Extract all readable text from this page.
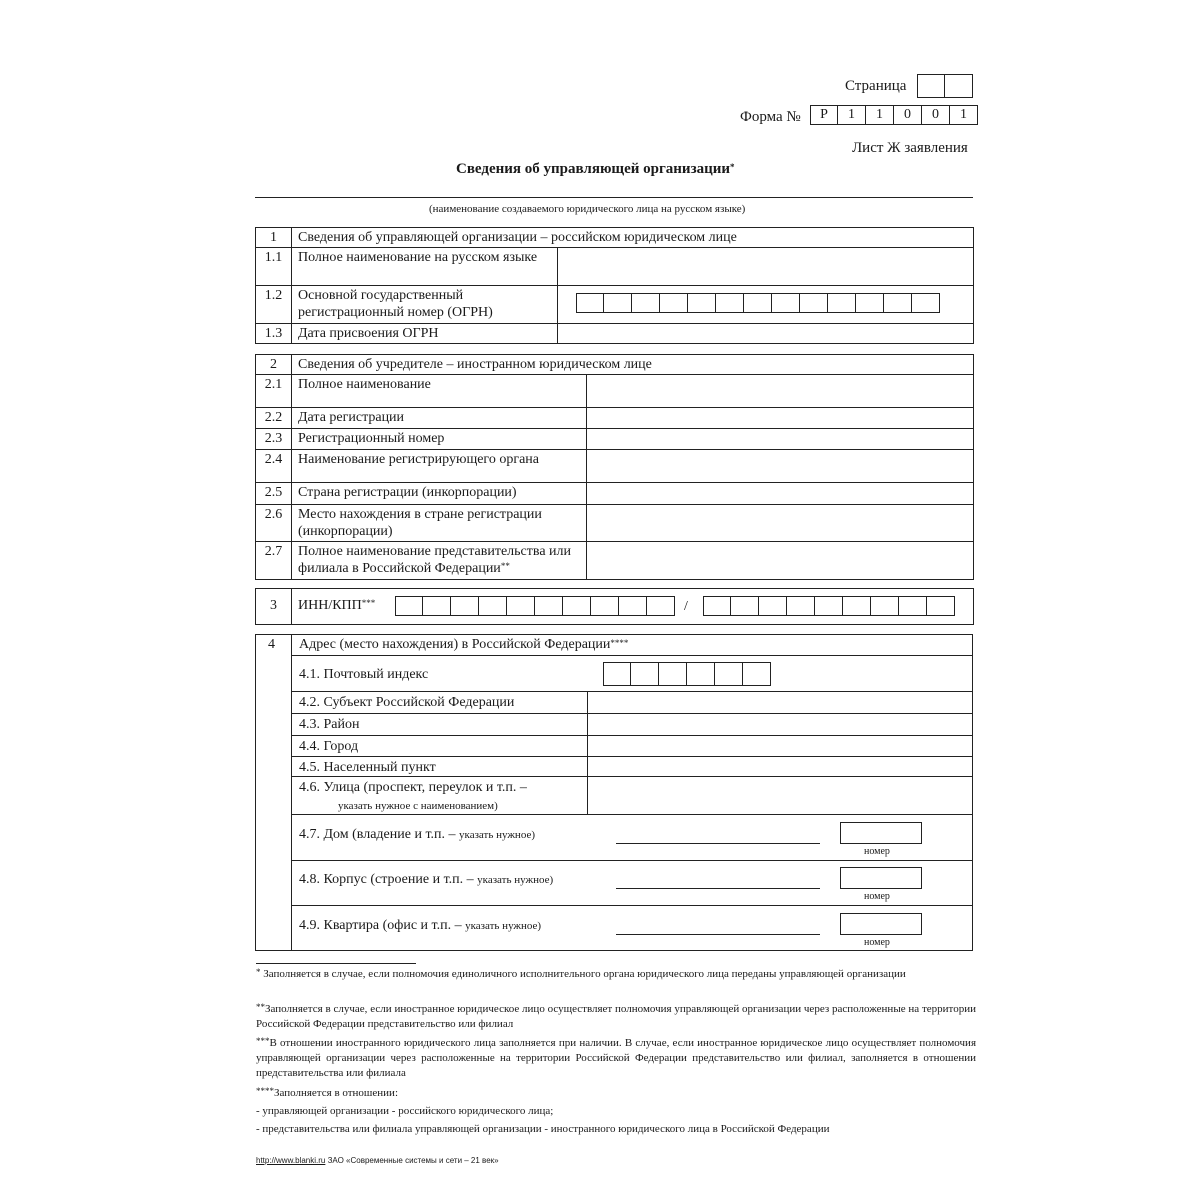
Страница
Форма №	Р	1	1	0	0	1
Лист Ж заявления
Сведения об управляющей организации*
(наименование создаваемого юридического лица на русском языке)
1	Сведения об управляющей организации – российском юридическом лице	
1.1	Полное наименование на русском языке	
1.2	Основной государственный регистрационный номер (ОГРН)	

1.3	Дата присвоения ОГРН	
2	Сведения об учредителе – иностранном юридическом лице	
2.1	Полное наименование	
2.2	Дата регистрации	
2.3	Регистрационный номер	
2.4	Наименование регистрирующего органа	
2.5	Страна регистрации (инкорпорации)	
2.6	Место нахождения в стране регистрации (инкорпорации)	
2.7	Полное наименование представительства или филиала в Российской Федерации**	
3	ИНН/КПП***	/
4 Адрес (место нахождения) в Российской Федерации****
4.1. Почтовый индекс
4.2. Субъект Российской Федерации
4.3. Район
4.4. Город
4.5. Населенный пункт
4.6. Улица (проспект, переулок и т.п. –
указать нужное с наименованием)
4.7. Дом (владение и т.п. – указать нужное)
номер
4.8. Корпус (строение и т.п. – указать нужное)
номер
4.9. Квартира (офис и т.п. – указать нужное)
номер
* Заполняется в случае, если полномочия единоличного исполнительного органа юридического лица переданы управляющей организации
**Заполняется в случае, если иностранное юридическое лицо осуществляет полномочия управляющей организации через расположенные на территории Российской Федерации представительство или филиал
***В отношении иностранного юридического лица заполняется при наличии. В случае, если иностранное юридическое лицо осуществляет полномочия управляющей организации через расположенные на территории Российской Федерации представительство или филиал, заполняется в отношении представительства или филиала
****Заполняется в отношении:
- управляющей организации - российского юридического лица;
- представительства или филиала управляющей организации - иностранного юридического лица в Российской Федерации
http://www.blanki.ru ЗАО «Современные системы и сети – 21 век»
